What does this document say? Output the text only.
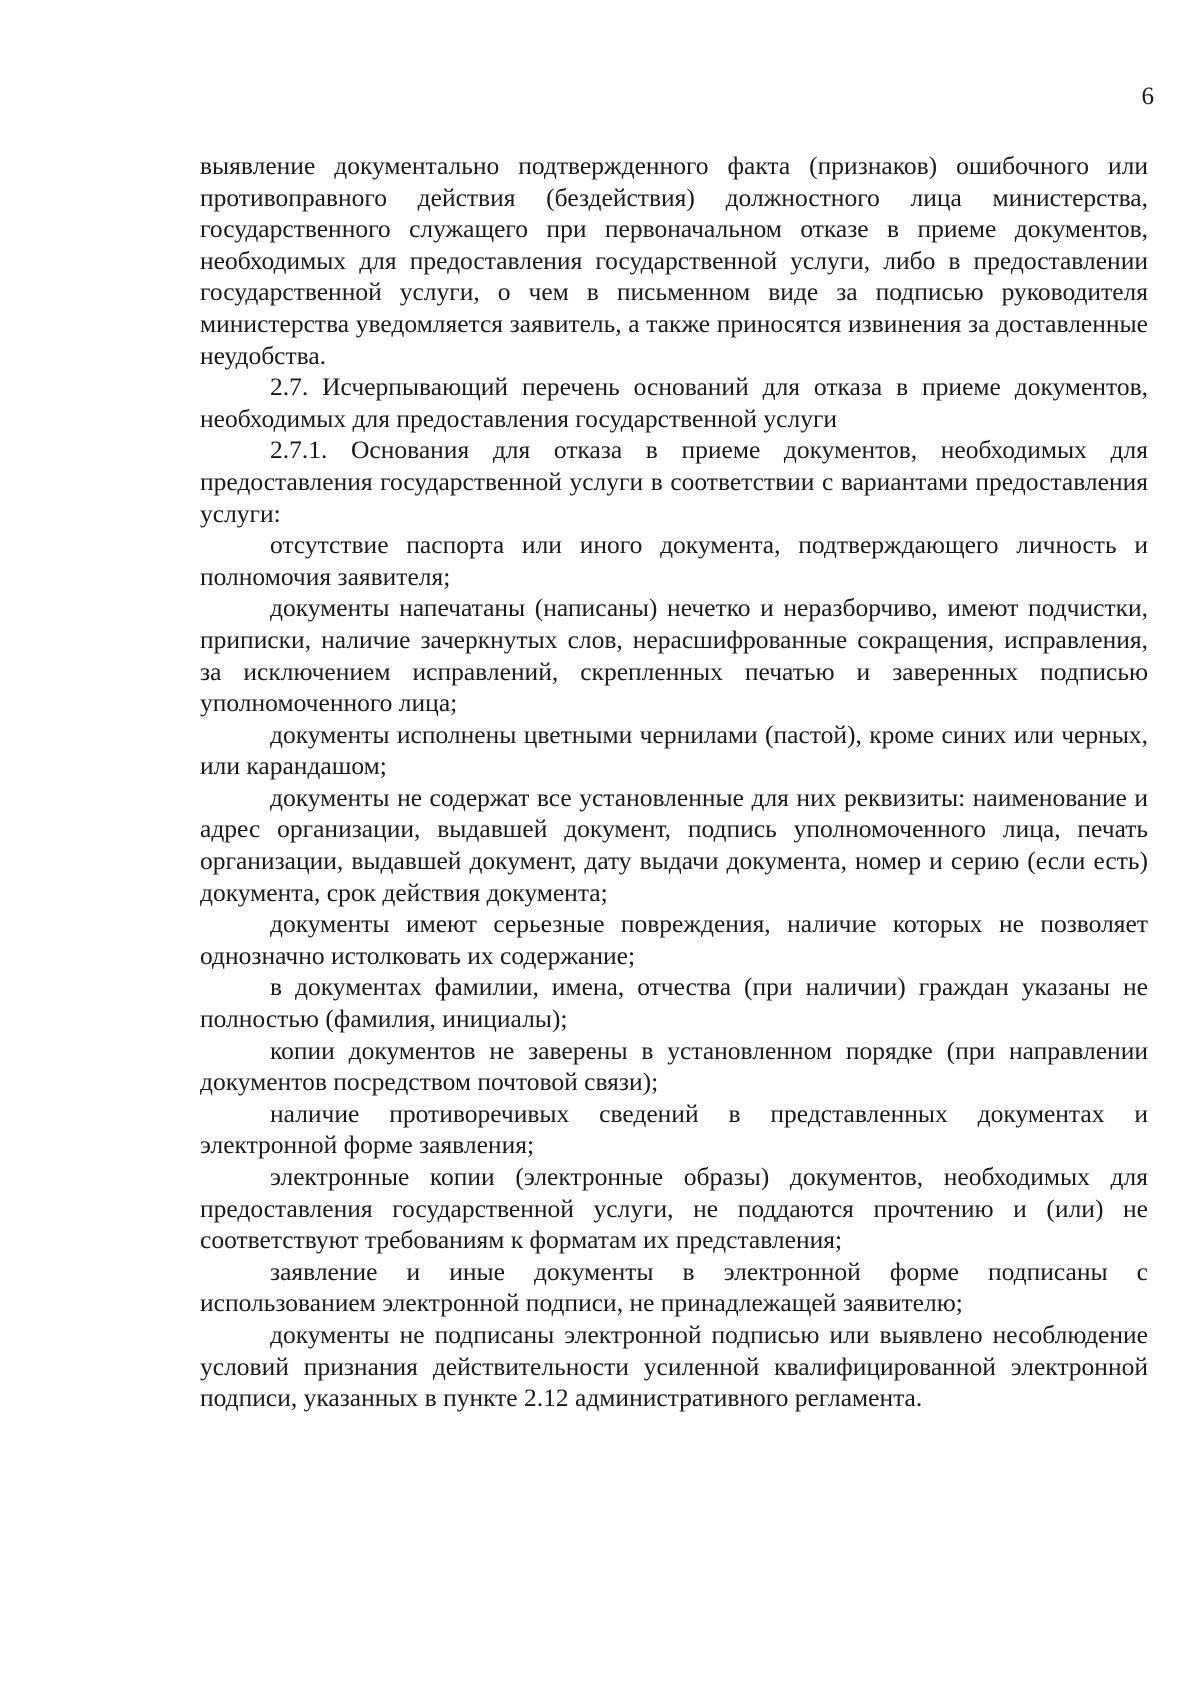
6

выявление документально подтвержденного факта (признаков) ошибочного или противоправного действия (бездействия) должностного лица министерства, государственного служащего при первоначальном отказе в приеме документов, необходимых для предоставления государственной услуги, либо в предоставлении государственной услуги, о чем в письменном виде за подписью руководителя министерства уведомляется заявитель, а также приносятся извинения за доставленные неудобства.

2.7. Исчерпывающий перечень оснований для отказа в приеме документов, необходимых для предоставления государственной услуги

2.7.1. Основания для отказа в приеме документов, необходимых для предоставления государственной услуги в соответствии с вариантами предоставления услуги:

отсутствие паспорта или иного документа, подтверждающего личность и полномочия заявителя;

документы напечатаны (написаны) нечетко и неразборчиво, имеют подчистки, приписки, наличие зачеркнутых слов, нерасшифрованные сокращения, исправления, за исключением исправлений, скрепленных печатью и заверенных подписью уполномоченного лица;

документы исполнены цветными чернилами (пастой), кроме синих или черных, или карандашом;

документы не содержат все установленные для них реквизиты: наименование и адрес организации, выдавшей документ, подпись уполномоченного лица, печать организации, выдавшей документ, дату выдачи документа, номер и серию (если есть) документа, срок действия документа;

документы имеют серьезные повреждения, наличие которых не позволяет однозначно истолковать их содержание;

в документах фамилии, имена, отчества (при наличии) граждан указаны не полностью (фамилия, инициалы);

копии документов не заверены в установленном порядке (при направлении документов посредством почтовой связи);

наличие противоречивых сведений в представленных документах и электронной форме заявления;

электронные копии (электронные образы) документов, необходимых для предоставления государственной услуги, не поддаются прочтению и (или) не соответствуют требованиям к форматам их представления;

заявление и иные документы в электронной форме подписаны с использованием электронной подписи, не принадлежащей заявителю;

документы не подписаны электронной подписью или выявлено несоблюдение условий признания действительности усиленной квалифицированной электронной подписи, указанных в пункте 2.12 административного регламента.
